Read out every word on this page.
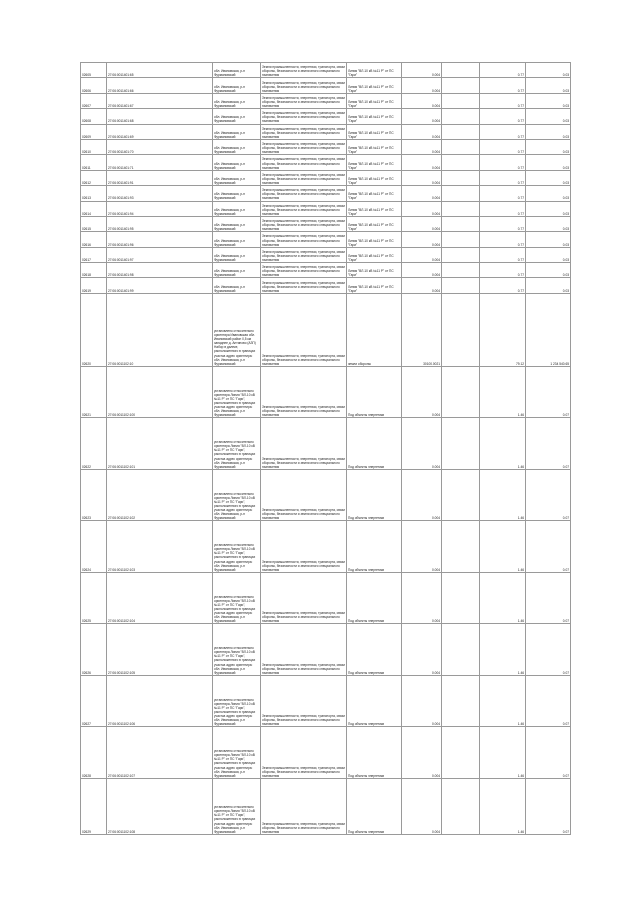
02605	27:06:0011401:65	обл. Ивановская, р-н Фурмановский	Земли промышленности, энергетики, транспорта, связи обороны, безопасности и земли иного специального назначения	Линия "ВЛ-10 кВ №11 Р" от ПС "Гари"	0.004		0.77	0.03
02606	27:06:0011401:66	обл. Ивановская, р-н Фурмановский	Земли промышленности, энергетики, транспорта, связи обороны, безопасности и земли иного специального назначения	Линия "ВЛ-10 кВ №11 Р" от ПС "Гари"	0.004		0.77	0.03
02607	27:06:0011401:67	обл. Ивановская, р-н Фурмановский	Земли промышленности, энергетики, транспорта, связи обороны, безопасности и земли иного специального назначения	Линия "ВЛ-10 кВ №11 Р" от ПС "Гари"	0.004		0.77	0.03
02608	27:06:0011401:68	обл. Ивановская, р-н Фурмановский	Земли промышленности, энергетики, транспорта, связи обороны, безопасности и земли иного специального назначения	Линия "ВЛ-10 кВ №11 Р" от ПС "Гари"	0.004		0.77	0.03
02609	27:06:0011401:69	обл. Ивановская, р-н Фурмановский	Земли промышленности, энергетики, транспорта, связи обороны, безопасности и земли иного специального назначения	Линия "ВЛ-10 кВ №11 Р" от ПС "Гари"	0.004		0.77	0.03
02610	27:06:0011401:70	обл. Ивановская, р-н Фурмановский	Земли промышленности, энергетики, транспорта, связи обороны, безопасности и земли иного специального назначения	Линия "ВЛ-10 кВ №11 Р" от ПС "Гари"	0.004		0.77	0.03
02611	27:06:0011401:71	обл. Ивановская, р-н Фурмановский	Земли промышленности, энергетики, транспорта, связи обороны, безопасности и земли иного специального назначения	Линия "ВЛ-10 кВ №11 Р" от ПС "Гари"	0.004		0.77	0.03
02612	27:06:0011401:91	обл. Ивановская, р-н Фурмановский	Земли промышленности, энергетики, транспорта, связи обороны, безопасности и земли иного специального назначения	Линия "ВЛ-10 кВ №11 Р" от ПС "Гари"	0.004		0.77	0.03
02613	27:06:0011401:93	обл. Ивановская, р-н Фурмановский	Земли промышленности, энергетики, транспорта, связи обороны, безопасности и земли иного специального назначения	Линия "ВЛ-10 кВ №11 Р" от ПС "Гари"	0.004		0.77	0.03
02614	27:06:0011401:94	обл. Ивановская, р-н Фурмановский	Земли промышленности, энергетики, транспорта, связи обороны, безопасности и земли иного специального назначения	Линия "ВЛ-10 кВ №11 Р" от ПС "Гари"	0.004		0.77	0.03
02615	27:06:0011401:95	обл. Ивановская, р-н Фурмановский	Земли промышленности, энергетики, транспорта, связи обороны, безопасности и земли иного специального назначения	Линия "ВЛ-10 кВ №11 Р" от ПС "Гари"	0.004		0.77	0.03
02616	27:06:0011401:96	обл. Ивановская, р-н Фурмановский	Земли промышленности, энергетики, транспорта, связи обороны, безопасности и земли иного специального назначения	Линия "ВЛ-10 кВ №11 Р" от ПС "Гари"	0.004		0.77	0.03
02617	27:06:0011401:97	обл. Ивановская, р-н Фурмановский	Земли промышленности, энергетики, транспорта, связи обороны, безопасности и земли иного специального назначения	Линия "ВЛ-10 кВ №11 Р" от ПС "Гари"	0.004		0.77	0.03
02618	27:06:0011401:98	обл. Ивановская, р-н Фурмановский	Земли промышленности, энергетики, транспорта, связи обороны, безопасности и земли иного специального назначения	Линия "ВЛ-10 кВ №11 Р" от ПС "Гари"	0.004		0.77	0.03
02619	27:06:0011401:99	обл. Ивановская, р-н Фурмановский	Земли промышленности, энергетики, транспорта, связи обороны, безопасности и земли иного специального назначения	Линия "ВЛ-10 кВ №11 Р" от ПС "Гари"	0.004		0.77	0.03
02620	27:06:0011102:10	установлено относительно ориентира Ивановская обл. Ивановский район 0,5 км западнее д. Антипово (АЗП) Набор в далеке, расположенного в границах участка адрес ориентира: обл. Ивановская, р-н Фурмановский	Земли промышленности, энергетики, транспорта, связи обороны, безопасности и земли иного специального назначения	земли обороны	30100.0021		79.12	1 234 540.65
02621	27:06:0011102:100	установлено относительно ориентира Линия "ВЛ-10 кВ №11 Р" от ПС "Гари", расположенного в границах участка адрес ориентира: обл. Ивановская, р-н Фурмановский	Земли промышленности, энергетики, транспорта, связи обороны, безопасности и земли иного специального назначения	Под объекты энергетики	0.004		1.46	0.07
02622	27:06:0011102:101	установлено относительно ориентира Линия "ВЛ-10 кВ №11 Р" от ПС "Гари", расположенного в границах участка адрес ориентира: обл. Ивановская, р-н Фурмановский	Земли промышленности, энергетики, транспорта, связи обороны, безопасности и земли иного специального назначения	Под объекты энергетики	0.004		1.46	0.07
02623	27:06:0011102:102	установлено относительно ориентира Линия "ВЛ-10 кВ №11 Р" от ПС "Гари", расположенного в границах участка адрес ориентира: обл. Ивановская, р-н Фурмановский	Земли промышленности, энергетики, транспорта, связи обороны, безопасности и земли иного специального назначения	Под объекты энергетики	0.004		1.46	0.07
02624	27:06:0011102:103	установлено относительно ориентира Линия "ВЛ-10 кВ №11 Р" от ПС "Гари", расположенного в границах участка адрес ориентира: обл. Ивановская, р-н Фурмановский	Земли промышленности, энергетики, транспорта, связи обороны, безопасности и земли иного специального назначения	Под объекты энергетики	0.004		1.46	0.07
02625	27:06:0011102:104	установлено относительно ориентира Линия "ВЛ-10 кВ №11 Р" от ПС "Гари", расположенного в границах участка адрес ориентира: обл. Ивановская, р-н Фурмановский	Земли промышленности, энергетики, транспорта, связи обороны, безопасности и земли иного специального назначения	Под объекты энергетики	0.004		1.46	0.07
02626	27:06:0011102:105	установлено относительно ориентира Линия "ВЛ-10 кВ №11 Р" от ПС "Гари", расположенного в границах участка адрес ориентира: обл. Ивановская, р-н Фурмановский	Земли промышленности, энергетики, транспорта, связи обороны, безопасности и земли иного специального назначения	Под объекты энергетики	0.004		1.46	0.07
02627	27:06:0011102:106	установлено относительно ориентира Линия "ВЛ-10 кВ №11 Р" от ПС "Гари", расположенного в границах участка адрес ориентира: обл. Ивановская, р-н Фурмановский	Земли промышленности, энергетики, транспорта, связи обороны, безопасности и земли иного специального назначения	Под объекты энергетики	0.004		1.46	0.07
02628	27:06:0011102:107	установлено относительно ориентира Линия "ВЛ-10 кВ №11 Р" от ПС "Гари", расположенного в границах участка адрес ориентира: обл. Ивановская, р-н Фурмановский	Земли промышленности, энергетики, транспорта, связи обороны, безопасности и земли иного специального назначения	Под объекты энергетики	0.004		1.46	0.07
02629	27:06:0011102:108	установлено относительно ориентира Линия "ВЛ-10 кВ №11 Р" от ПС "Гари", расположенного в границах участка адрес ориентира: обл. Ивановская, р-н Фурмановский	Земли промышленности, энергетики, транспорта, связи обороны, безопасности и земли иного специального назначения	Под объекты энергетики	0.004		1.46	0.07
